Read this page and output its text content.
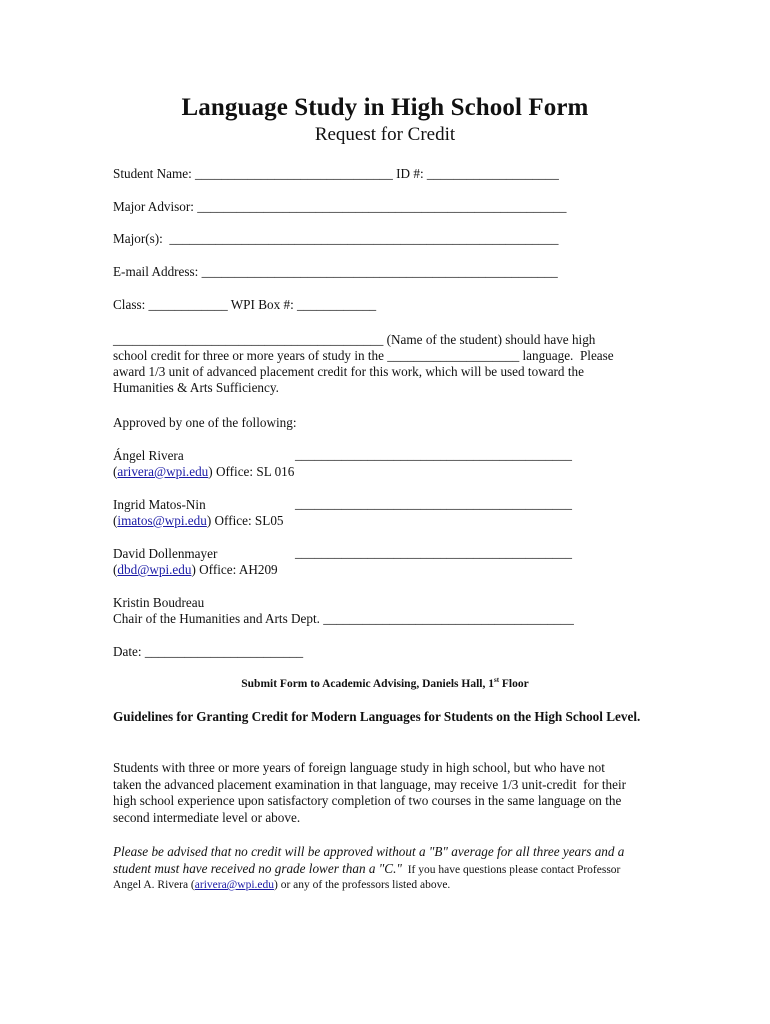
Language Study in High School Form
Request for Credit
Student Name: ______________________________ ID #: ____________________
Major Advisor: ________________________________________________________
Major(s):  ___________________________________________________________
E-mail Address: ______________________________________________________
Class: ____________ WPI Box #: ____________
_________________________________________ (Name of the student) should have high
school credit for three or more years of study in the ____________________ language.  Please
award 1/3 unit of advanced placement credit for this work, which will be used toward the
Humanities & Arts Sufficiency.
Approved by one of the following:
Ángel Rivera	__________________________________________
(arivera@wpi.edu) Office: SL 016
Ingrid Matos-Nin	__________________________________________
(imatos@wpi.edu) Office: SL05
David Dollenmayer	__________________________________________
(dbd@wpi.edu) Office: AH209
Kristin Boudreau
Chair of the Humanities and Arts Dept. ______________________________________
Date: ________________________
Submit Form to Academic Advising, Daniels Hall, 1st Floor
Guidelines for Granting Credit for Modern Languages for Students on the High School Level.
Students with three or more years of foreign language study in high school, but who have not
taken the advanced placement examination in that language, may receive 1/3 unit-credit  for their
high school experience upon satisfactory completion of two courses in the same language on the
second intermediate level or above.
Please be advised that no credit will be approved without a "B" average for all three years and a
student must have received no grade lower than a "C."  If you have questions please contact Professor
Angel A. Rivera (arivera@wpi.edu) or any of the professors listed above.
